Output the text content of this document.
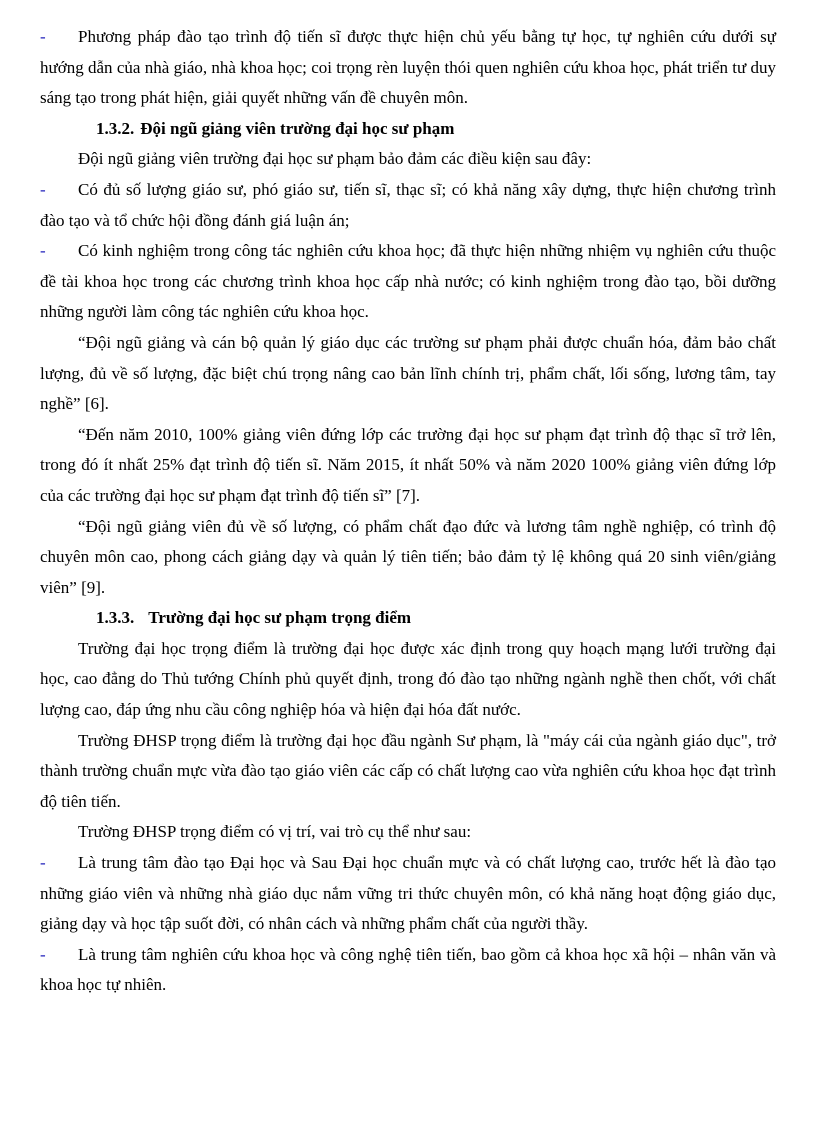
- Phương pháp đào tạo trình độ tiến sĩ được thực hiện chủ yếu bằng tự học, tự nghiên cứu dưới sự hướng dẫn của nhà giáo, nhà khoa học; coi trọng rèn luyện thói quen nghiên cứu khoa học, phát triển tư duy sáng tạo trong phát hiện, giải quyết những vấn đề chuyên môn.

1.3.2. Đội ngũ giảng viên trường đại học sư phạm

Đội ngũ giảng viên trường đại học sư phạm bảo đảm các điều kiện sau đây:

- Có đủ số lượng giáo sư, phó giáo sư, tiến sĩ, thạc sĩ; có khả năng xây dựng, thực hiện chương trình đào tạo và tổ chức hội đồng đánh giá luận án;

- Có kinh nghiệm trong công tác nghiên cứu khoa học; đã thực hiện những nhiệm vụ nghiên cứu thuộc đề tài khoa học trong các chương trình khoa học cấp nhà nước; có kinh nghiệm trong đào tạo, bồi dưỡng những người làm công tác nghiên cứu khoa học.

“Đội ngũ giảng và cán bộ quản lý giáo dục các trường sư phạm phải được chuẩn hóa, đảm bảo chất lượng, đủ về số lượng, đặc biệt chú trọng nâng cao bản lĩnh chính trị, phẩm chất, lối sống, lương tâm, tay nghề” [6].

“Đến năm 2010, 100% giảng viên đứng lớp các trường đại học sư phạm đạt trình độ thạc sĩ trở lên, trong đó ít nhất 25% đạt trình độ tiến sĩ. Năm 2015, ít nhất 50% và năm 2020 100% giảng viên đứng lớp của các trường đại học sư phạm đạt trình độ tiến sĩ” [7].

“Đội ngũ giảng viên đủ về số lượng, có phẩm chất đạo đức và lương tâm nghề nghiệp, có trình độ chuyên môn cao, phong cách giảng dạy và quản lý tiên tiến; bảo đảm tỷ lệ không quá 20 sinh viên/giảng viên” [9].

1.3.3. Trường đại học sư phạm trọng điểm

Trường đại học trọng điểm là trường đại học được xác định trong quy hoạch mạng lưới trường đại học, cao đẳng do Thủ tướng Chính phủ quyết định, trong đó đào tạo những ngành nghề then chốt, với chất lượng cao, đáp ứng nhu cầu công nghiệp hóa và hiện đại hóa đất nước.

Trường ĐHSP trọng điểm là trường đại học đầu ngành Sư phạm, là "máy cái của ngành giáo dục", trở thành trường chuẩn mực vừa đào tạo giáo viên các cấp có chất lượng cao vừa nghiên cứu khoa học đạt trình độ tiên tiến.

Trường ĐHSP trọng điểm có vị trí, vai trò cụ thể như sau:

- Là trung tâm đào tạo Đại học và Sau Đại học chuẩn mực và có chất lượng cao, trước hết là đào tạo những giáo viên và những nhà giáo dục nắm vững tri thức chuyên môn, có khả năng hoạt động giáo dục, giảng dạy và học tập suốt đời, có nhân cách và những phẩm chất của người thầy.

- Là trung tâm nghiên cứu khoa học và công nghệ tiên tiến, bao gồm cả khoa học xã hội – nhân văn và khoa học tự nhiên.
